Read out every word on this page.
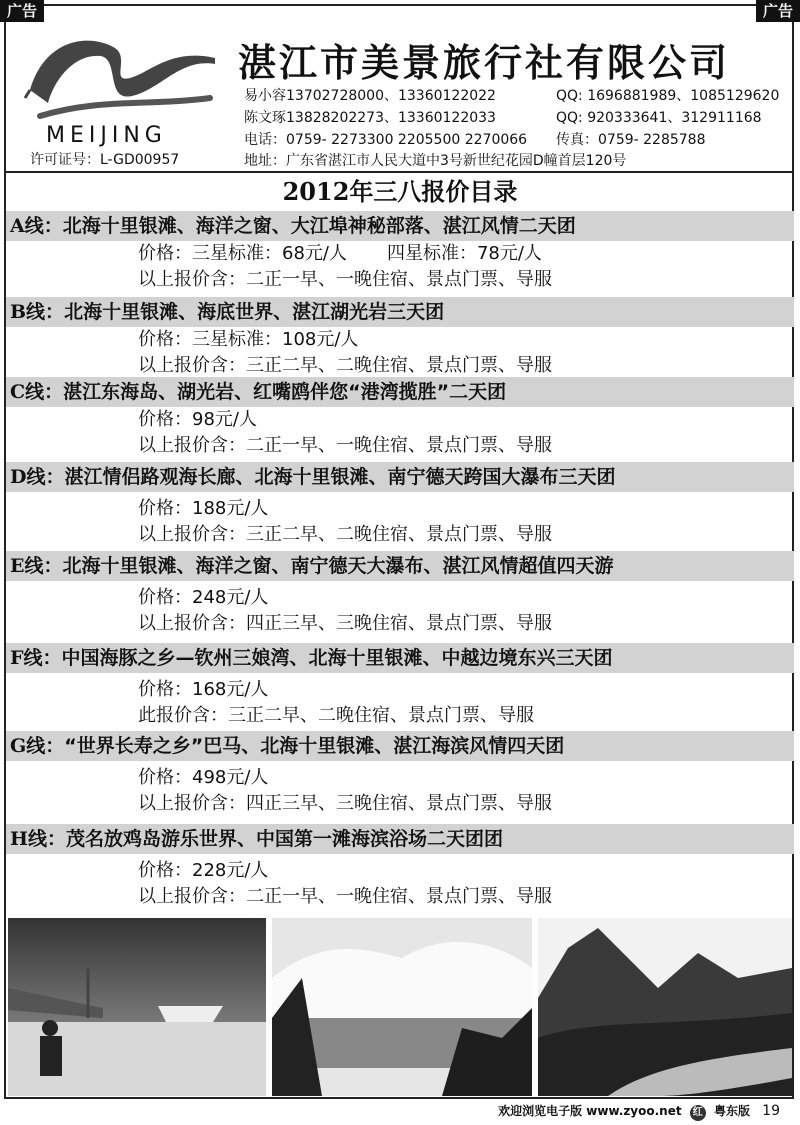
广告	广告
MEIJING
许可证号：L-GD00957
湛江市美景旅行社有限公司
易小容13702728000、13360122022	QQ: 1696881989、1085129620
陈文琢13828202273、13360122033	QQ: 920333641、312911168
电话：0759- 2273300 2205500 2270066 传真：0759- 2285788
地址：广东省湛江市人民大道中3号新世纪花园D幢首层120号
2012年三八报价目录
A线：北海十里银滩、海洋之窗、大江埠神秘部落、湛江风情二天团
价格：三星标准：68元/人 四星标准：78元/人
以上报价含：二正一早、一晚住宿、景点门票、导服
B线：北海十里银滩、海底世界、湛江湖光岩三天团
价格：三星标准：108元/人
以上报价含：三正二早、二晚住宿、景点门票、导服
C线：湛江东海岛、湖光岩、红嘴鸥伴您“港湾揽胜”二天团
价格：98元/人
以上报价含：二正一早、一晚住宿、景点门票、导服
D线：湛江情侣路观海长廊、北海十里银滩、南宁德天跨国大瀑布三天团
价格：188元/人
以上报价含：三正二早、二晚住宿、景点门票、导服
E线：北海十里银滩、海洋之窗、南宁德天大瀑布、湛江风情超值四天游
价格：248元/人
以上报价含：四正三早、三晚住宿、景点门票、导服
F线：中国海豚之乡—钦州三娘湾、北海十里银滩、中越边境东兴三天团
价格：168元/人
此报价含：三正二早、二晚住宿、景点门票、导服
G线：“世界长寿之乡”巴马、北海十里银滩、湛江海滨风情四天团
价格：498元/人
以上报价含：四正三早、三晚住宿、景点门票、导服
H线：茂名放鸡岛游乐世界、中国第一滩海滨浴场二天团团
价格：228元/人
以上报价含：二正一早、一晚住宿、景点门票、导服
欢迎浏览电子版 www.zyoo.net 红 粤东版 19
